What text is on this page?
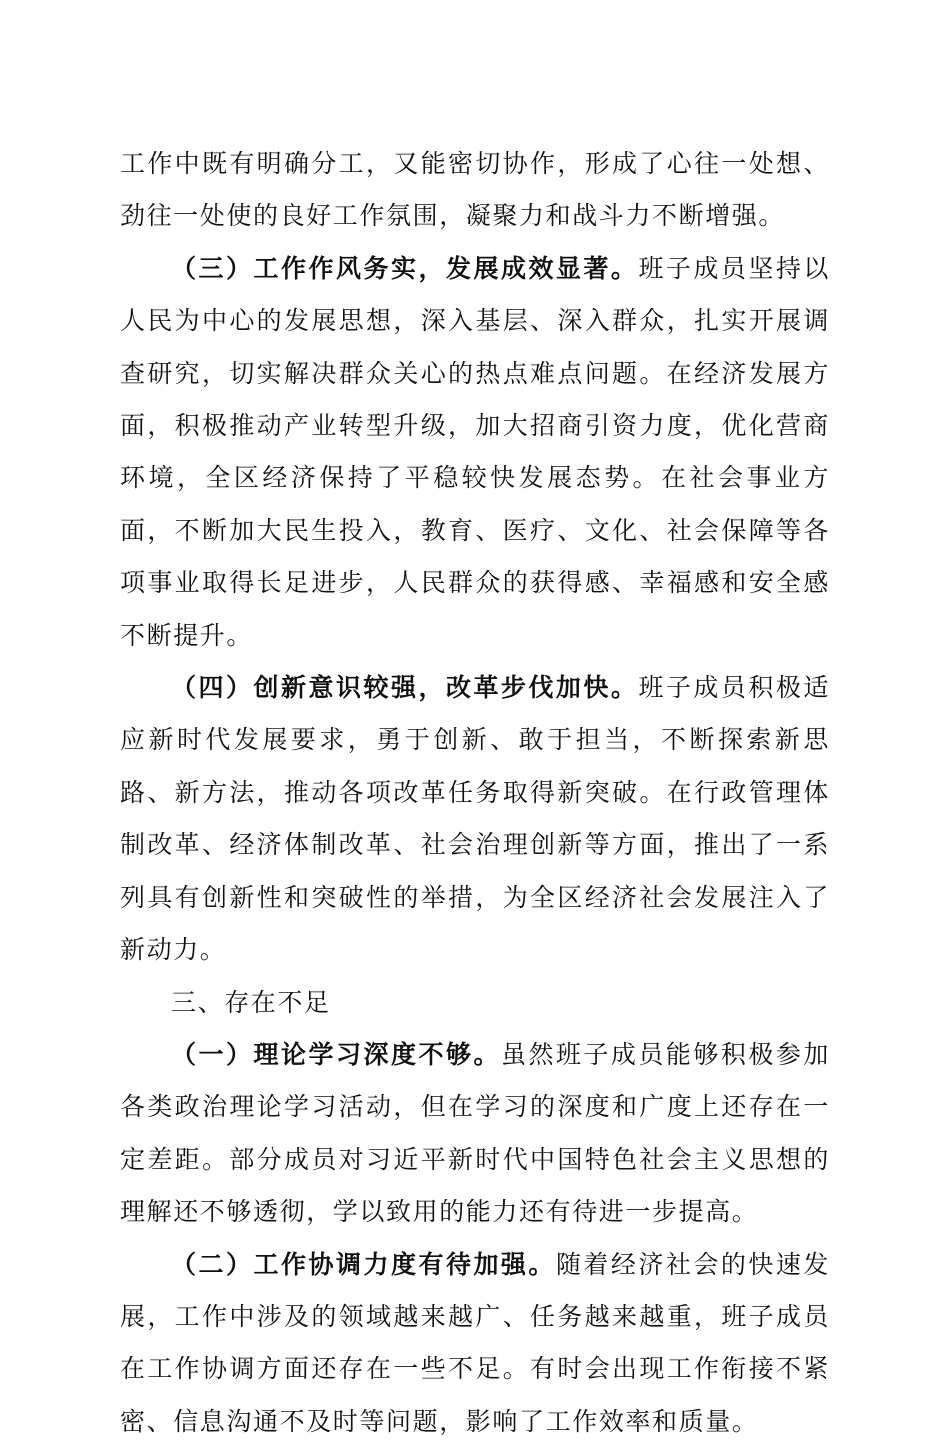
工作中既有明确分工，又能密切协作，形成了心往一处想、劲往一处使的良好工作氛围，凝聚力和战斗力不断增强。

（三）工作作风务实，发展成效显著。班子成员坚持以人民为中心的发展思想，深入基层、深入群众，扎实开展调查研究，切实解决群众关心的热点难点问题。在经济发展方面，积极推动产业转型升级，加大招商引资力度，优化营商环境，全区经济保持了平稳较快发展态势。在社会事业方面，不断加大民生投入，教育、医疗、文化、社会保障等各项事业取得长足进步，人民群众的获得感、幸福感和安全感不断提升。

（四）创新意识较强，改革步伐加快。班子成员积极适应新时代发展要求，勇于创新、敢于担当，不断探索新思路、新方法，推动各项改革任务取得新突破。在行政管理体制改革、经济体制改革、社会治理创新等方面，推出了一系列具有创新性和突破性的举措，为全区经济社会发展注入了新动力。

三、存在不足

（一）理论学习深度不够。虽然班子成员能够积极参加各类政治理论学习活动，但在学习的深度和广度上还存在一定差距。部分成员对习近平新时代中国特色社会主义思想的理解还不够透彻，学以致用的能力还有待进一步提高。

（二）工作协调力度有待加强。随着经济社会的快速发展，工作中涉及的领域越来越广、任务越来越重，班子成员在工作协调方面还存在一些不足。有时会出现工作衔接不紧密、信息沟通不及时等问题，影响了工作效率和质量。
